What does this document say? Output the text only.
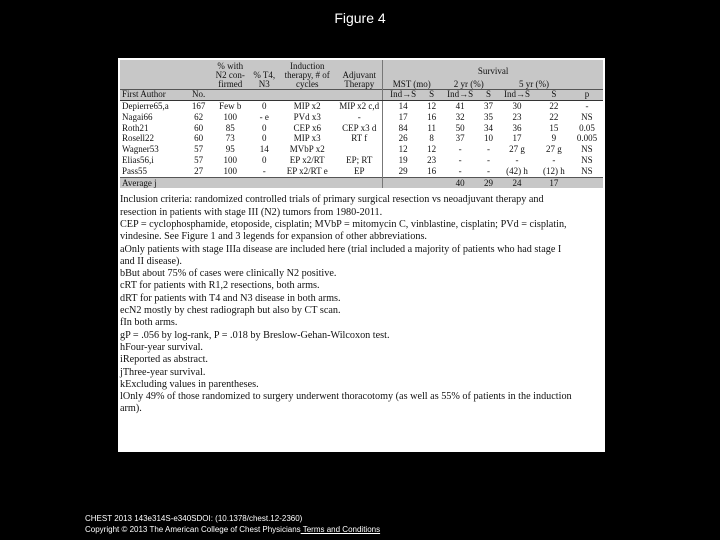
Figure 4
		% with N2 con- firmed	% T4, N3	Induction therapy, # of cycles	Adjuvant Therapy	Survival						
						MST (mo)		2 yr (%)		5 yr (%)		
First Author	No.					Ind→S	S	Ind→S	S	Ind→S	S	p
Depierre65,a	167	Few b	0	MIP x2	MIP x2 c,d	14	12	41	37	30	22	-
Nagai66	62	100	- e	PVd x3	-	17	16	32	35	23	22	NS
Roth21	60	85	0	CEP x6	CEP x3 d	84	11	50	34	36	15	0.05
Rosell22	60	73	0	MIP x3	RT f	26	8	37	10	17	9	0.005
Wagner53	57	95	14	MVbP x2		12	12	-	-	27 g	27 g	NS
Elias56,i	57	100	0	EP x2/RT	EP; RT	19	23	-	-	-	-	NS
Pass55	27	100	-	EP x2/RT e	EP	29	16	-	-	(42) h	(12) h	NS
Average j								40	29	24	17	
Inclusion criteria: randomized controlled trials of primary surgical resection vs neoadjuvant therapy and
resection in patients with stage III (N2) tumors from 1980-2011.
CEP = cyclophosphamide, etoposide, cisplatin; MVbP = mitomycin C, vinblastine, cisplatin; PVd = cisplatin,
vindesine. See Figure 1 and 3 legends for expansion of other abbreviations.
aOnly patients with stage IIIa disease are included here (trial included a majority of patients who had stage I
and II disease).
bBut about 75% of cases were clinically N2 positive.
cRT for patients with R1,2 resections, both arms.
dRT for patients with T4 and N3 disease in both arms.
ecN2 mostly by chest radiograph but also by CT scan.
fIn both arms.
gP = .056 by log-rank, P = .018 by Breslow-Gehan-Wilcoxon test.
hFour-year survival.
iReported as abstract.
jThree-year survival.
kExcluding values in parentheses.
lOnly 49% of those randomized to surgery underwent thoracotomy (as well as 55% of patients in the induction
arm).
CHEST 2013 143e314S-e340SDOI: (10.1378/chest.12-2360)
Copyright © 2013 The American College of Chest Physicians Terms and Conditions
